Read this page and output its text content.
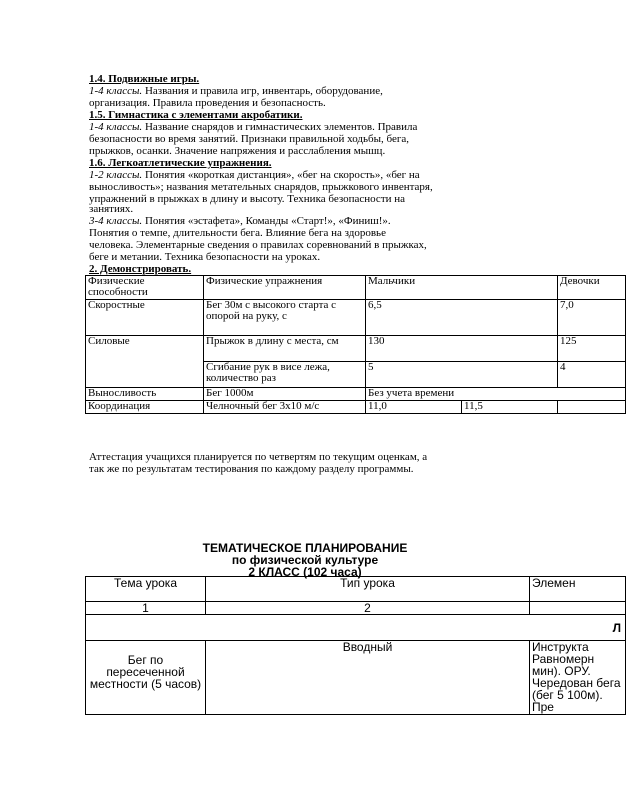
1.4. Подвижные игры.
1-4 классы. Названия и правила игр, инвентарь, оборудование,
организация. Правила проведения и безопасность.
1.5. Гимнастика с элементами акробатики.
1-4 классы. Название снарядов и гимнастических элементов. Правила
безопасности во время занятий. Признаки правильной ходьбы, бега,
прыжков, осанки. Значение напряжения и расслабления мышц.
1.6. Легкоатлетические упражнения.
1-2 классы. Понятия «короткая дистанция», «бег на скорость», «бег на
выносливость»; названия метательных снарядов, прыжкового инвентаря,
упражнений в прыжках в длину и высоту. Техника безопасности на
занятиях.
3-4 классы. Понятия «эстафета», Команды «Старт!», «Финиш!».
Понятия о темпе, длительности бега. Влияние бега на здоровье
человека. Элементарные сведения о правилах соревнований в прыжках,
беге и метании. Техника безопасности на уроках.
2. Демонстрировать.
Физические способности	Физические упражнения	Мальчики		Девочки
Скоростные	Бег 30м с высокого старта с опорой на руку, с	6,5		7,0
Силовые	Прыжок в длину с места, см	130		125
	Сгибание рук в висе лежа, количество раз	5		4
Выносливость	Бег 1000м	Без учета времени		
Координация	Челночный бег 3х10 м/с	11,0	11,5	
Аттестация учащихся планируется по четвертям по текущим оценкам, а
так же по результатам тестирования по каждому разделу программы.
ТЕМАТИЧЕСКОЕ ПЛАНИРОВАНИЕ
по физической культуре
2 КЛАСС (102 часа)
Тема урока	Тип урока	Элемен
1	2	
Л		
Бег по пересеченной местности (5 часов)	Вводный	Инструкта Равномерн мин). ОРУ. Чередован бега (бег 5 100м). Пре
